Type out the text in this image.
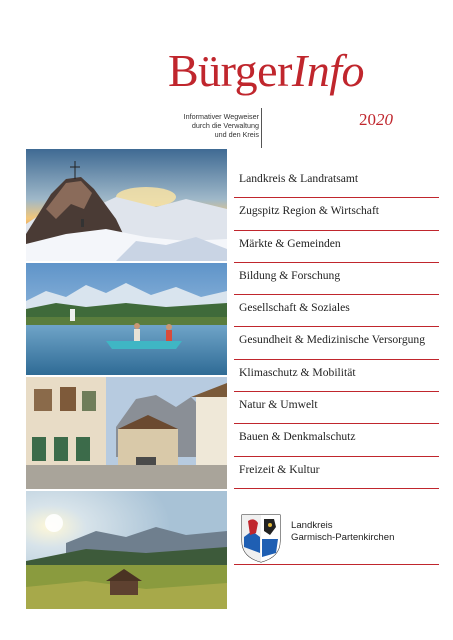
BürgerInfo
Informativer Wegweiser
durch die Verwaltung
und den Kreis
2020
Landkreis & Landratsamt
Zugspitz Region & Wirtschaft
Märkte & Gemeinden
Bildung & Forschung
Gesellschaft & Soziales
Gesundheit & Medizinische Versorgung
Klimaschutz & Mobilität
Natur & Umwelt
Bauen & Denkmalschutz
Freizeit & Kultur
Landkreis
Garmisch-Partenkirchen
